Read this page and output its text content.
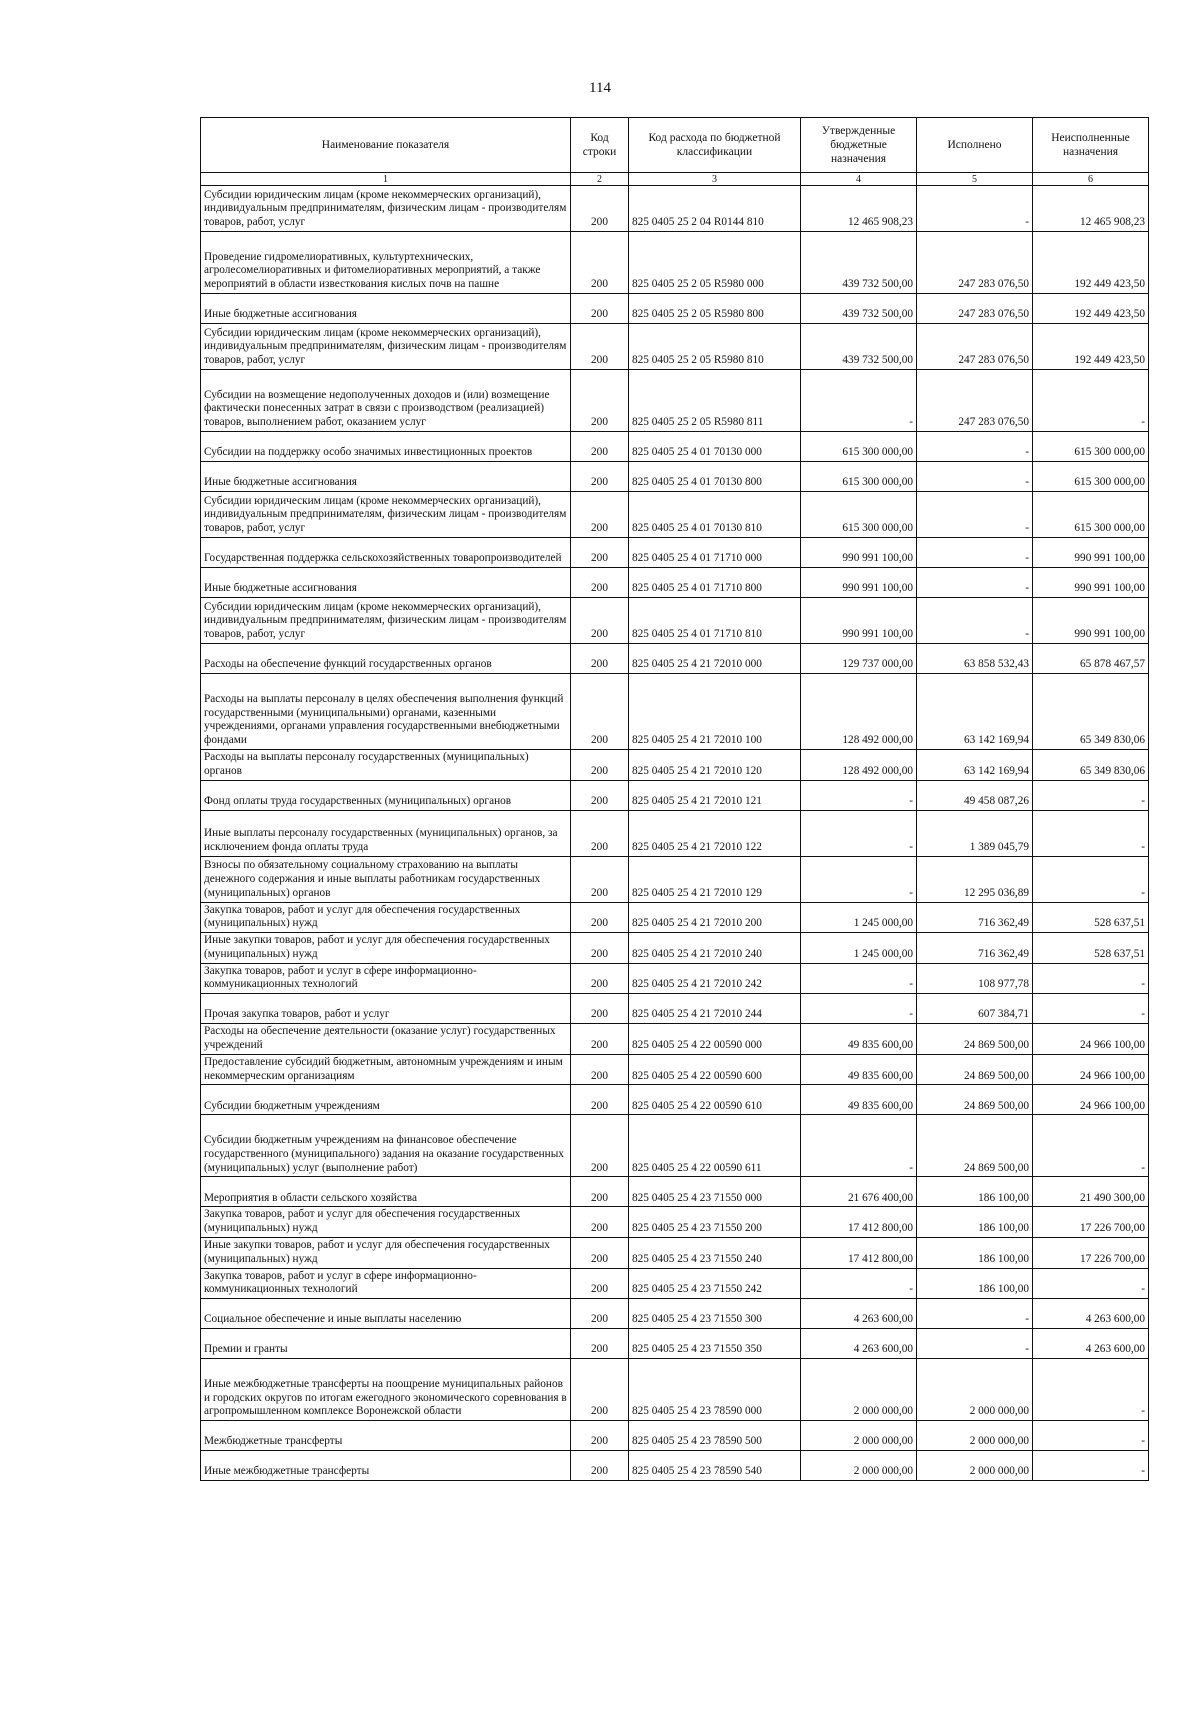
114
Наименование показателя	Код строки	Код расхода по бюджетной классификации	Утвержденные бюджетные назначения	Исполнено	Неисполненные назначения
1	2	3	4	5	6
Субсидии юридическим лицам (кроме некоммерческих организаций), индивидуальным предпринимателям, физическим лицам - производителям товаров, работ, услуг	200	825 0405 25 2 04 R0144 810	12 465 908,23	-	12 465 908,23
Проведение гидромелиоративных, культуртехнических, агролесомелиоративных и фитомелиоративных мероприятий, а также мероприятий в области известкования кислых почв на пашне	200	825 0405 25 2 05 R5980 000	439 732 500,00	247 283 076,50	192 449 423,50
Иные бюджетные ассигнования	200	825 0405 25 2 05 R5980 800	439 732 500,00	247 283 076,50	192 449 423,50
Субсидии юридическим лицам (кроме некоммерческих организаций), индивидуальным предпринимателям, физическим лицам - производителям товаров, работ, услуг	200	825 0405 25 2 05 R5980 810	439 732 500,00	247 283 076,50	192 449 423,50
Субсидии на возмещение недополученных доходов и (или) возмещение фактически понесенных затрат в связи с производством (реализацией) товаров, выполнением работ, оказанием услуг	200	825 0405 25 2 05 R5980 811	-	247 283 076,50	-
Субсидии на поддержку особо значимых инвестиционных проектов	200	825 0405 25 4 01 70130 000	615 300 000,00	-	615 300 000,00
Иные бюджетные ассигнования	200	825 0405 25 4 01 70130 800	615 300 000,00	-	615 300 000,00
Субсидии юридическим лицам (кроме некоммерческих организаций), индивидуальным предпринимателям, физическим лицам - производителям товаров, работ, услуг	200	825 0405 25 4 01 70130 810	615 300 000,00	-	615 300 000,00
Государственная поддержка сельскохозяйственных товаропроизводителей	200	825 0405 25 4 01 71710 000	990 991 100,00	-	990 991 100,00
Иные бюджетные ассигнования	200	825 0405 25 4 01 71710 800	990 991 100,00	-	990 991 100,00
Субсидии юридическим лицам (кроме некоммерческих организаций), индивидуальным предпринимателям, физическим лицам - производителям товаров, работ, услуг	200	825 0405 25 4 01 71710 810	990 991 100,00	-	990 991 100,00
Расходы на обеспечение функций государственных органов	200	825 0405 25 4 21 72010 000	129 737 000,00	63 858 532,43	65 878 467,57
Расходы на выплаты персоналу в целях обеспечения выполнения функций государственными (муниципальными) органами, казенными учреждениями, органами управления государственными внебюджетными фондами	200	825 0405 25 4 21 72010 100	128 492 000,00	63 142 169,94	65 349 830,06
Расходы на выплаты персоналу государственных (муниципальных) органов	200	825 0405 25 4 21 72010 120	128 492 000,00	63 142 169,94	65 349 830,06
Фонд оплаты труда государственных (муниципальных) органов	200	825 0405 25 4 21 72010 121	-	49 458 087,26	-
Иные выплаты персоналу государственных (муниципальных) органов, за исключением фонда оплаты труда	200	825 0405 25 4 21 72010 122	-	1 389 045,79	-
Взносы по обязательному социальному страхованию на выплаты денежного содержания и иные выплаты работникам государственных (муниципальных) органов	200	825 0405 25 4 21 72010 129	-	12 295 036,89	-
Закупка товаров, работ и услуг для обеспечения государственных (муниципальных) нужд	200	825 0405 25 4 21 72010 200	1 245 000,00	716 362,49	528 637,51
Иные закупки товаров, работ и услуг для обеспечения государственных (муниципальных) нужд	200	825 0405 25 4 21 72010 240	1 245 000,00	716 362,49	528 637,51
Закупка товаров, работ и услуг в сфере информационно-коммуникационных технологий	200	825 0405 25 4 21 72010 242	-	108 977,78	-
Прочая закупка товаров, работ и услуг	200	825 0405 25 4 21 72010 244	-	607 384,71	-
Расходы на обеспечение деятельности (оказание услуг) государственных учреждений	200	825 0405 25 4 22 00590 000	49 835 600,00	24 869 500,00	24 966 100,00
Предоставление субсидий бюджетным, автономным учреждениям и иным некоммерческим организациям	200	825 0405 25 4 22 00590 600	49 835 600,00	24 869 500,00	24 966 100,00
Субсидии бюджетным учреждениям	200	825 0405 25 4 22 00590 610	49 835 600,00	24 869 500,00	24 966 100,00
Субсидии бюджетным учреждениям на финансовое обеспечение государственного (муниципального) задания на оказание государственных (муниципальных) услуг (выполнение работ)	200	825 0405 25 4 22 00590 611	-	24 869 500,00	-
Мероприятия в области сельского хозяйства	200	825 0405 25 4 23 71550 000	21 676 400,00	186 100,00	21 490 300,00
Закупка товаров, работ и услуг для обеспечения государственных (муниципальных) нужд	200	825 0405 25 4 23 71550 200	17 412 800,00	186 100,00	17 226 700,00
Иные закупки товаров, работ и услуг для обеспечения государственных (муниципальных) нужд	200	825 0405 25 4 23 71550 240	17 412 800,00	186 100,00	17 226 700,00
Закупка товаров, работ и услуг в сфере информационно-коммуникационных технологий	200	825 0405 25 4 23 71550 242	-	186 100,00	-
Социальное обеспечение и иные выплаты населению	200	825 0405 25 4 23 71550 300	4 263 600,00	-	4 263 600,00
Премии и гранты	200	825 0405 25 4 23 71550 350	4 263 600,00	-	4 263 600,00
Иные межбюджетные трансферты на поощрение муниципальных районов и городских округов по итогам ежегодного экономического соревнования в агропромышленном комплексе Воронежской области	200	825 0405 25 4 23 78590 000	2 000 000,00	2 000 000,00	-
Межбюджетные трансферты	200	825 0405 25 4 23 78590 500	2 000 000,00	2 000 000,00	-
Иные межбюджетные трансферты	200	825 0405 25 4 23 78590 540	2 000 000,00	2 000 000,00	-
